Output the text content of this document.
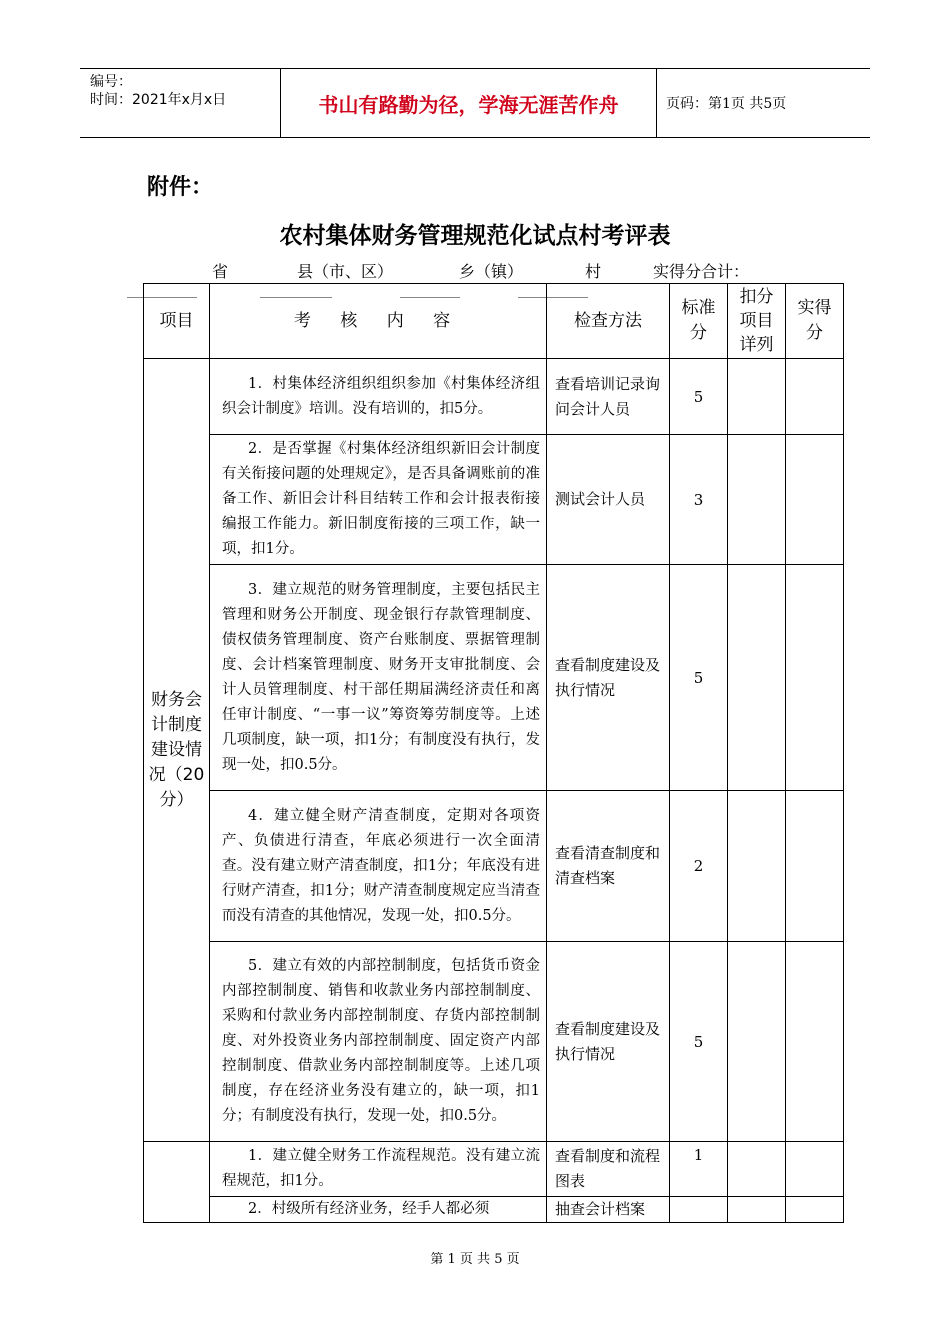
编号：
时间：2021年x月x日	书山有路勤为径，学海无涯苦作舟	页码：第1页 共5页
附件：
农村集体财务管理规范化试点村考评表
省	县（市、区）	乡（镇）	村	实得分合计：
项目	考 核 内 容	检查方法	标准分	扣分项目详列	实得分
财务会计制度建设情况（20分）	1．村集体经济组织组织参加《村集体经济组织会计制度》培训。没有培训的，扣5分。	查看培训记录询问会计人员	5		
	2．是否掌握《村集体经济组织新旧会计制度有关衔接问题的处理规定》，是否具备调账前的准备工作、新旧会计科目结转工作和会计报表衔接编报工作能力。新旧制度衔接的三项工作，缺一项，扣1分。	测试会计人员	3		
	3．建立规范的财务管理制度，主要包括民主管理和财务公开制度、现金银行存款管理制度、债权债务管理制度、资产台账制度、票据管理制度、会计档案管理制度、财务开支审批制度、会计人员管理制度、村干部任期届满经济责任和离任审计制度、“一事一议”筹资筹劳制度等。上述几项制度，缺一项，扣1分；有制度没有执行，发现一处，扣0.5分。	查看制度建设及执行情况	5		
	4．建立健全财产清查制度，定期对各项资产、负债进行清查，年底必须进行一次全面清查。没有建立财产清查制度，扣1分；年底没有进行财产清查，扣1分；财产清查制度规定应当清查而没有清查的其他情况，发现一处，扣0.5分。	查看清查制度和清查档案	2		
	5．建立有效的内部控制制度，包括货币资金内部控制制度、销售和收款业务内部控制制度、采购和付款业务内部控制制度、存货内部控制制度、对外投资业务内部控制制度、固定资产内部控制制度、借款业务内部控制制度等。上述几项制度，存在经济业务没有建立的，缺一项，扣1分；有制度没有执行，发现一处，扣0.5分。	查看制度建设及执行情况	5		
	1．建立健全财务工作流程规范。没有建立流程规范，扣1分。	查看制度和流程图表	1		
	2．村级所有经济业务，经手人都必须	抽查会计档案			
第 1 页 共 5 页
